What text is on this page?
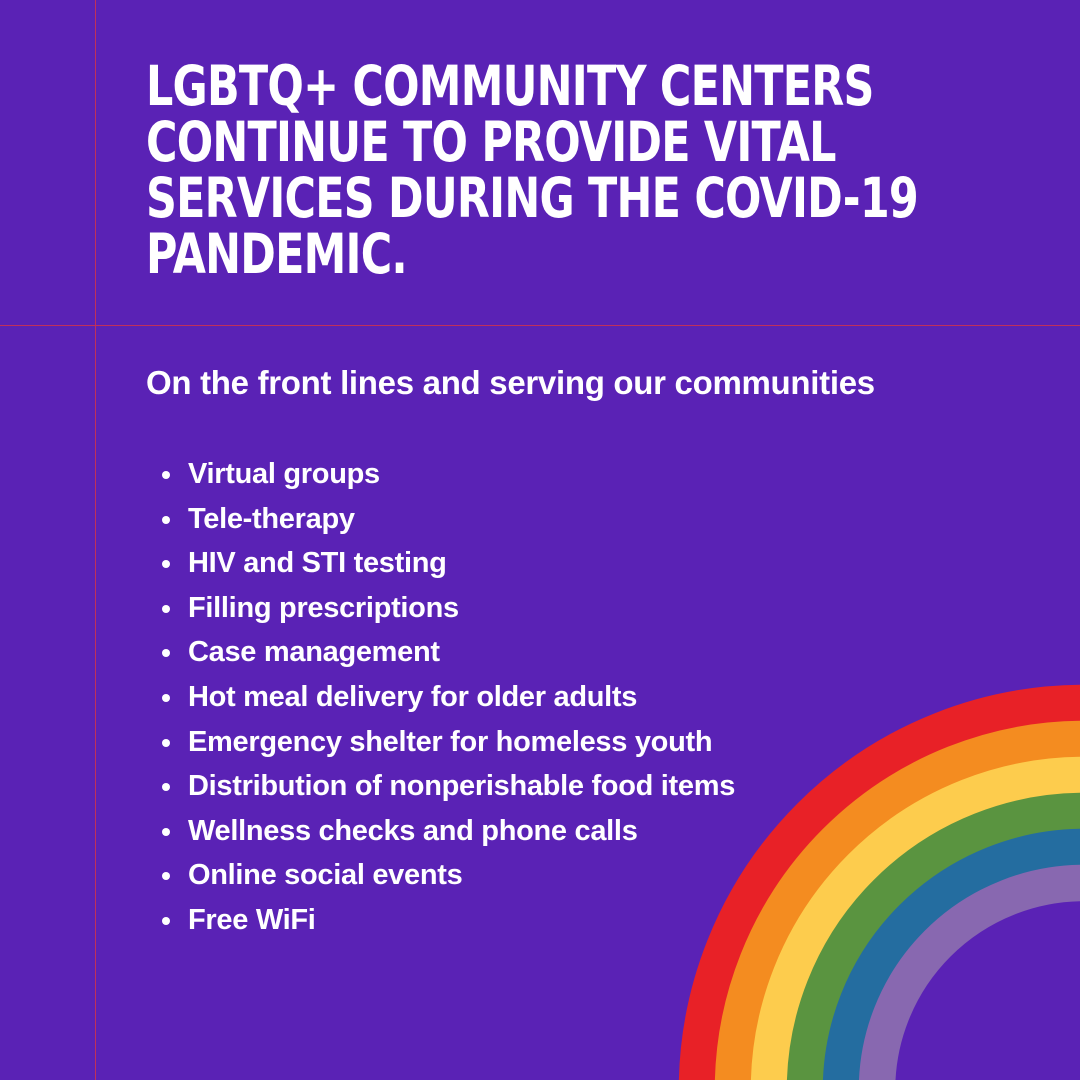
LGBTQ+ COMMUNITY CENTERS CONTINUE TO PROVIDE VITAL SERVICES DURING THE COVID-19 PANDEMIC.

On the front lines and serving our communities

Virtual groups
Tele-therapy
HIV and STI testing
Filling prescriptions
Case management
Hot meal delivery for older adults
Emergency shelter for homeless youth
Distribution of nonperishable food items
Wellness checks and phone calls
Online social events
Free WiFi
